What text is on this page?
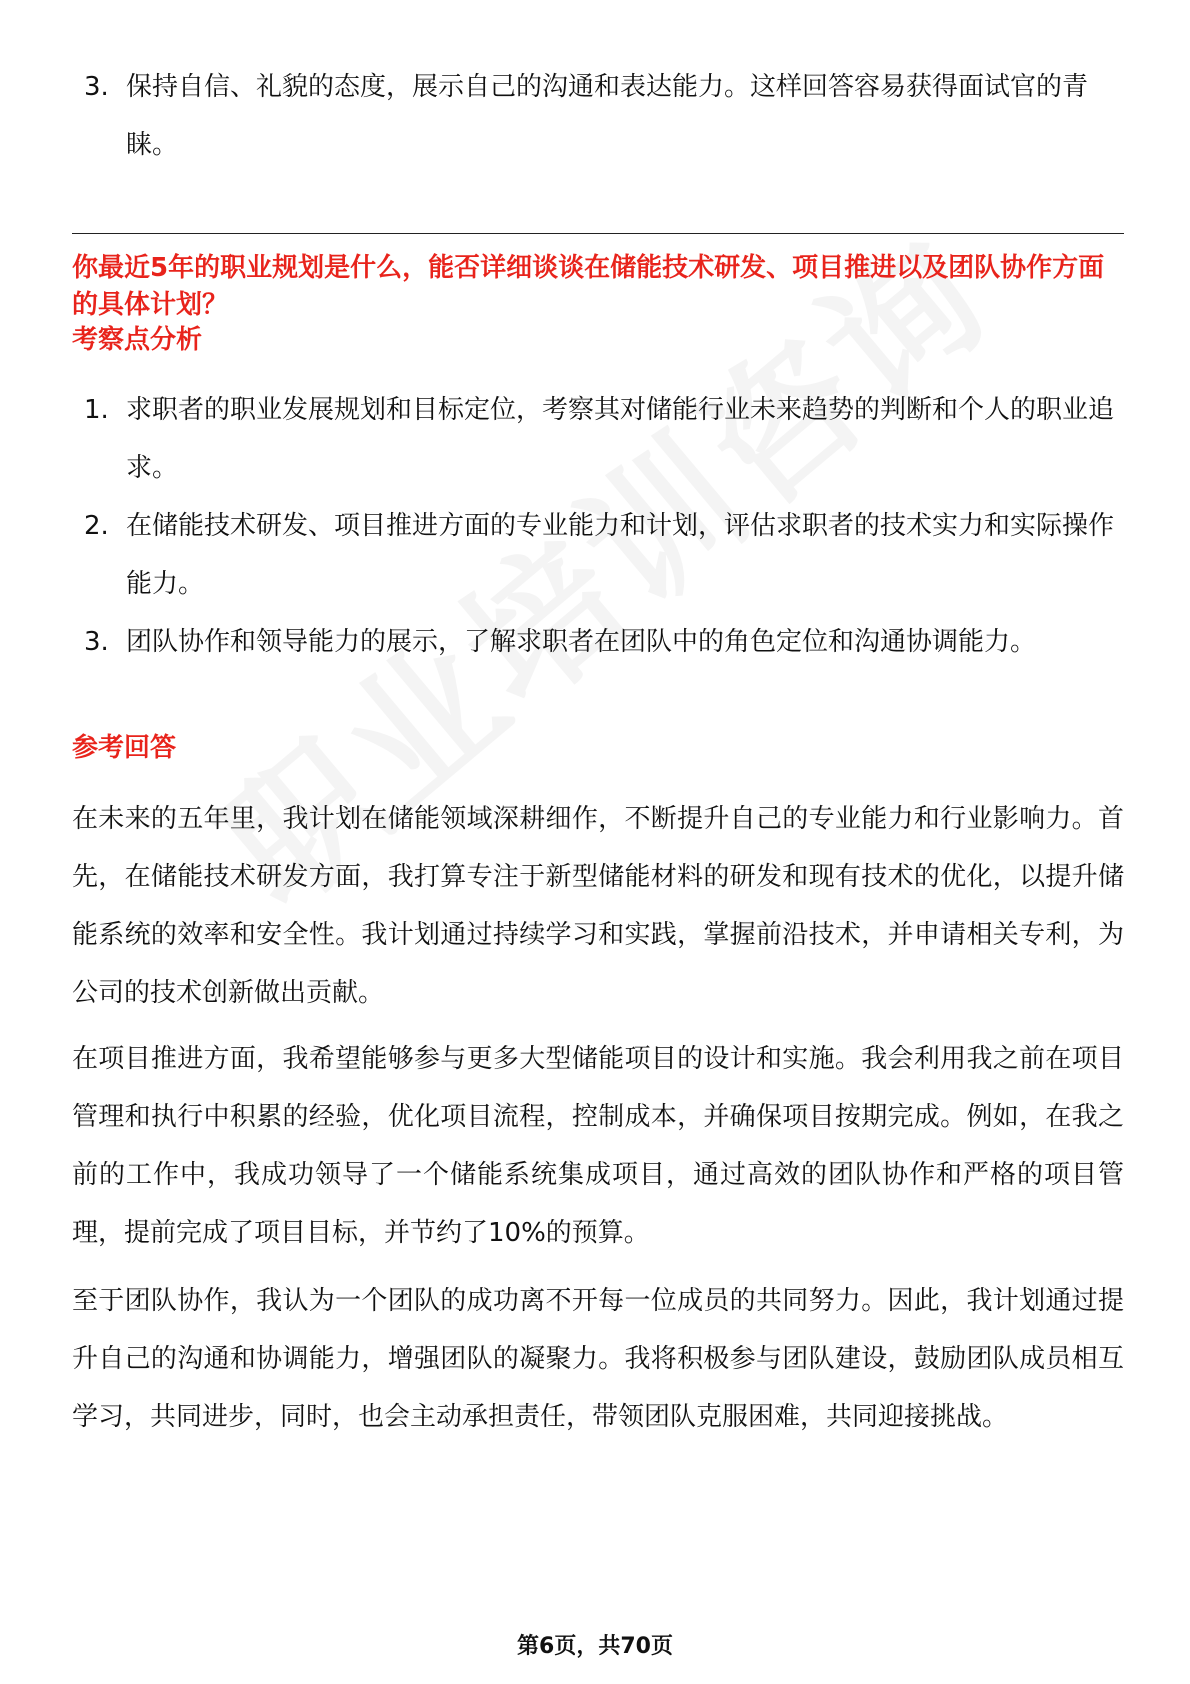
3. 保持自信、礼貌的态度，展示自己的沟通和表达能力。这样回答容易获得面试官的青睐。
你最近5年的职业规划是什么，能否详细谈谈在储能技术研发、项目推进以及团队协作方面的具体计划？
考察点分析
1. 求职者的职业发展规划和目标定位，考察其对储能行业未来趋势的判断和个人的职业追求。
2. 在储能技术研发、项目推进方面的专业能力和计划，评估求职者的技术实力和实际操作能力。
3. 团队协作和领导能力的展示，了解求职者在团队中的角色定位和沟通协调能力。
参考回答

在未来的五年里，我计划在储能领域深耕细作，不断提升自己的专业能力和行业影响力。首先，在储能技术研发方面，我打算专注于新型储能材料的研发和现有技术的优化，以提升储能系统的效率和安全性。我计划通过持续学习和实践，掌握前沿技术，并申请相关专利，为公司的技术创新做出贡献。

在项目推进方面，我希望能够参与更多大型储能项目的设计和实施。我会利用我之前在项目管理和执行中积累的经验，优化项目流程，控制成本，并确保项目按期完成。例如，在我之前的工作中，我成功领导了一个储能系统集成项目，通过高效的团队协作和严格的项目管理，提前完成了项目目标，并节约了10%的预算。

至于团队协作，我认为一个团队的成功离不开每一位成员的共同努力。因此，我计划通过提升自己的沟通和协调能力，增强团队的凝聚力。我将积极参与团队建设，鼓励团队成员相互学习，共同进步，同时，也会主动承担责任，带领团队克服困难，共同迎接挑战。

第6页，共70页
